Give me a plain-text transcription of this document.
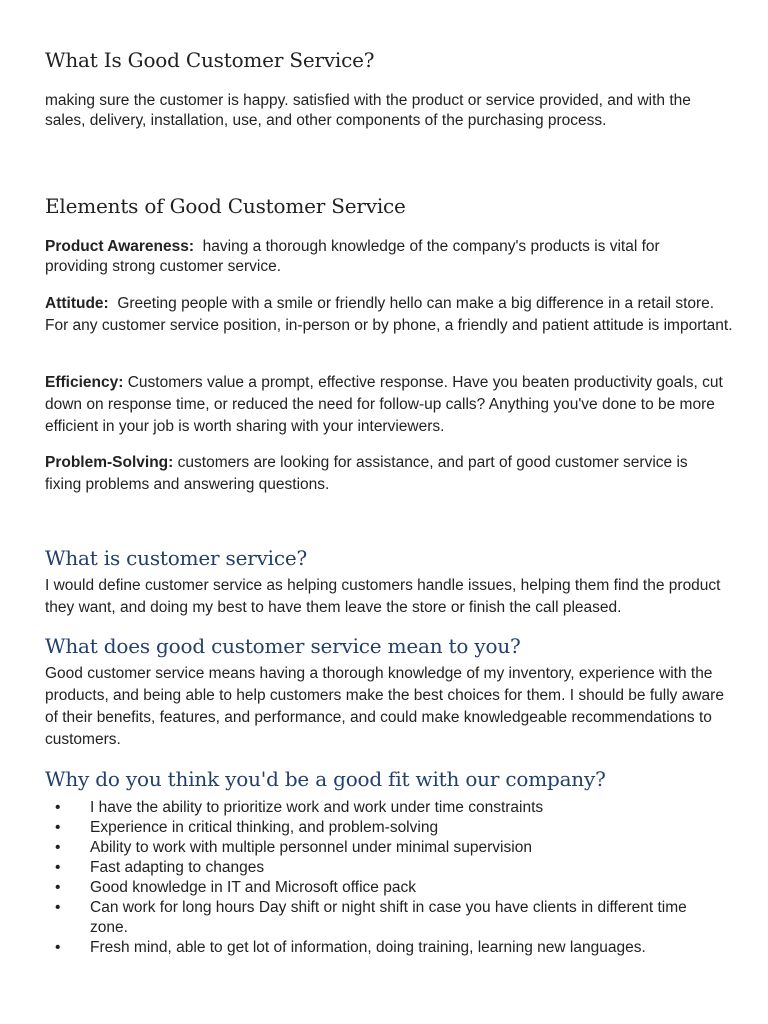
What Is Good Customer Service?

making sure the customer is happy. satisfied with the product or service provided, and with the sales, delivery, installation, use, and other components of the purchasing process.

Elements of Good Customer Service

Product Awareness: having a thorough knowledge of the company's products is vital for providing strong customer service.

Attitude: Greeting people with a smile or friendly hello can make a big difference in a retail store. For any customer service position, in-person or by phone, a friendly and patient attitude is important.

Efficiency: Customers value a prompt, effective response. Have you beaten productivity goals, cut down on response time, or reduced the need for follow-up calls? Anything you've done to be more efficient in your job is worth sharing with your interviewers.

Problem-Solving: customers are looking for assistance, and part of good customer service is fixing problems and answering questions.

What is customer service?

I would define customer service as helping customers handle issues, helping them find the product they want, and doing my best to have them leave the store or finish the call pleased.

What does good customer service mean to you?

Good customer service means having a thorough knowledge of my inventory, experience with the products, and being able to help customers make the best choices for them. I should be fully aware of their benefits, features, and performance, and could make knowledgeable recommendations to customers.

Why do you think you'd be a good fit with our company?
• I have the ability to prioritize work and work under time constraints
• Experience in critical thinking, and problem-solving
• Ability to work with multiple personnel under minimal supervision
• Fast adapting to changes
• Good knowledge in IT and Microsoft office pack
• Can work for long hours Day shift or night shift in case you have clients in different time zone.
• Fresh mind, able to get lot of information, doing training, learning new languages.
